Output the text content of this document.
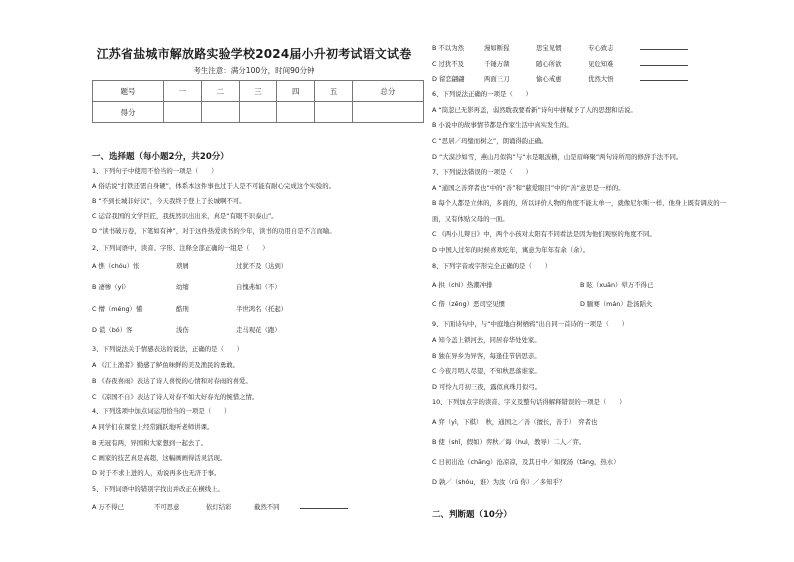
江苏省盐城市解放路实验学校2024届小升初考试语文试卷
考生注意：满分100分，时间90分钟
题号	一	二	三	四	五	总分
得分						
一、选择题（每小题2分，共20分）
1、下列句子中使用不恰当的一项是（　　）
A 俗话说“打铁还需自身硬”，体系本这件事也过于人是不可能有耐心完成这个实验的。
B “不到长城非好汉”，今天我终于登上了长城啊不可。
C 运营我国的文学巨匠，我抚然识出出来，真是“有眼不识泰山”。
D “读书破万卷，下笔如有神”，对于这件热爱读书的少年，读书的功用自是不言而喻。
2、下列词语中，读音、字形、注释全部正确的一组是（　　）
A 憔（chóu）怅	琐屑	过犹不及（达到）
B 凄惨（yí）	幼缩	自愧弗如（不）
C 懵（méng）懂	酷刑	半世鸿名（托起）
D 谎（bó）客	浅伤	走马观花（跑）
3、下列说法关于情感表达的说法，正确的是（　　）
A 《江上渔者》勤感了鲈鱼味鲜的美及渔民的勇敢。
B 《春夜喜雨》表达了诗人喜悦的心情和对春雨的喜爱。
C 《凉国不自》表达了诗人对春不如大好春光的惋惜之情。
4、下列选项中加点词运用恰当的一项是（　　）
A 同学们在课堂上经常踊跃地听老师讲课。
B 无冠有两，异国和大家想到一起去了。
C 画家的技艺真是高超，这幅画画得活灵活现。
D 对于不求上进的人，劝说再多也无济于事。
5、下列词语中的错别字找出并改正在横线上。
A 万不得已	不可思意	依灯结彩	截然不同
B 不以为然	漫如断猩	思宝见惯	专心致志
C 过犹不及	千锤万凿	随心所欲	见危知难
D 留恋翩翩	两面三刀	愉心戒惠	优然大悟
6、下列说法正确的一项是（　　）
A “筒忽已无影再盖，弱然耽我要看新”诗句中拼赋予了人的思想和话说。
B 小说中的故事情节都是作家生活中真实发生的。
C “思居／玛璧而树之”，朗诵得韵正确。
D “大漠沙如雪，燕山月似钩”与“水是眼波横，山是眉峰聚”两句诗所用的修辞手法不同。
7、下列说法错误的一项是（　　）
A “通国之善弈者也”中的“善”和“慈爱眼目”中的“善”意思是一样的。
B 每个人都是立体的，多面的，所以评价人物的角度不能太单一，就像尼尔斯一样，他身上既有调皮的一
面，又有体贴父母的一面。
C 《两小儿辩日》中，两个小孩对太阳有不同看法是因为他们观察的角度不同。
D 中国人过年的时候喜欢吃年，寓意为年年有余（余）。
8、下列字音或字形完全正确的是（　　）
A 拱（chì）热潮冲排	B 眩（xuān）晕万不得已
C 偕（zēng）恶司空见惯	D 腼赛（mán）赴汤蹈火
9、下面诗句中，与“中庭地白树栖鸦”出自同一首诗的一项是（　　）
A 知今盖上锁河去，同居春华处处家。
B 独在异乡为异客，每逢佳节倍思亲。
C 今夜月明人尽望，不知秋思落谁家。
D 可怜九月初三夜，露似真珠月似弓。
10、下列加点字的读音、字义及整句话得解释错误的一项是（　　）
A 弈（yì，下棋）　秋，通国之／善（擅长，善于）　弈者也
B 使（shǐ，假如）弈秋／诲（huì，教导）二人／弈。
C 日初出沧（chāng）沧凉凉，及其日中／如探汤（tāng，热水）
D 孰／（shóu，谁）为汝（rǔ 你）／多知乎？
二、判断题（10分）
